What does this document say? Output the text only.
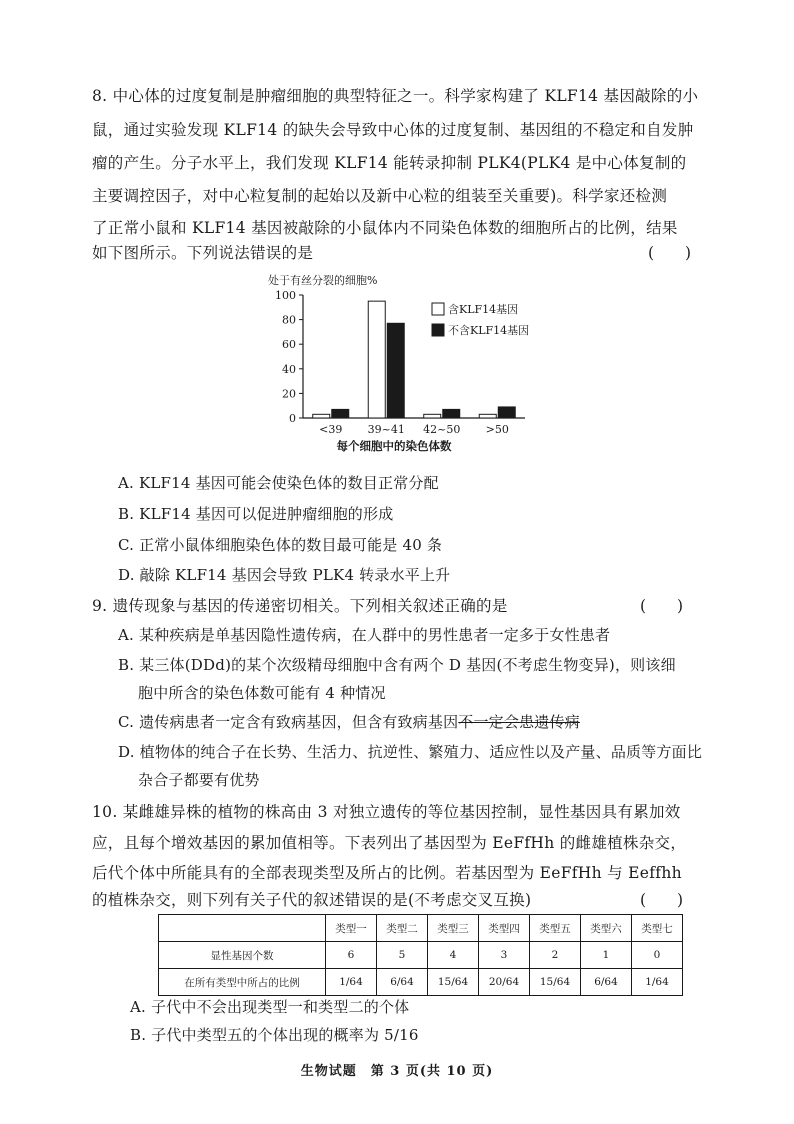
8. 中心体的过度复制是肿瘤细胞的典型特征之一。科学家构建了 KLF14 基因敲除的小
鼠，通过实验发现 KLF14 的缺失会导致中心体的过度复制、基因组的不稳定和自发肿
瘤的产生。分子水平上，我们发现 KLF14 能转录抑制 PLK4(PLK4 是中心体复制的
主要调控因子，对中心粒复制的起始以及新中心粒的组装至关重要)。科学家还检测
了正常小鼠和 KLF14 基因被敲除的小鼠体内不同染色体数的细胞所占的比例，结果
如下图所示。下列说法错误的是	(　　)
处于有丝分裂的细胞%
0
20
40
60
80
100
<39 39~41 42~50 >50
每个细胞中的染色体数
含KLF14基因
不含KLF14基因
A. KLF14 基因可能会使染色体的数目正常分配
B. KLF14 基因可以促进肿瘤细胞的形成
C. 正常小鼠体细胞染色体的数目最可能是 40 条
D. 敲除 KLF14 基因会导致 PLK4 转录水平上升
9. 遗传现象与基因的传递密切相关。下列相关叙述正确的是	(　　)
A. 某种疾病是单基因隐性遗传病，在人群中的男性患者一定多于女性患者
B. 某三体(DDd)的某个次级精母细胞中含有两个 D 基因(不考虑生物变异)，则该细
胞中所含的染色体数可能有 4 种情况
C. 遗传病患者一定含有致病基因，但含有致病基因不一定会患遗传病
D. 植物体的纯合子在长势、生活力、抗逆性、繁殖力、适应性以及产量、品质等方面比
杂合子都要有优势
10. 某雌雄异株的植物的株高由 3 对独立遗传的等位基因控制，显性基因具有累加效
应，且每个增效基因的累加值相等。下表列出了基因型为 EeFfHh 的雌雄植株杂交，
后代个体中所能具有的全部表现类型及所占的比例。若基因型为 EeFfHh 与 Eeffhh
的植株杂交，则下列有关子代的叙述错误的是(不考虑交叉互换)	(　　)
	类型一	类型二	类型三	类型四	类型五	类型六	类型七
显性基因个数	6	5	4	3	2	1	0
在所有类型中所占的比例	1/64	6/64	15/64	20/64	15/64	6/64	1/64
A. 子代中不会出现类型一和类型二的个体
B. 子代中类型五的个体出现的概率为 5/16
生物试题　第 3 页(共 10 页)
